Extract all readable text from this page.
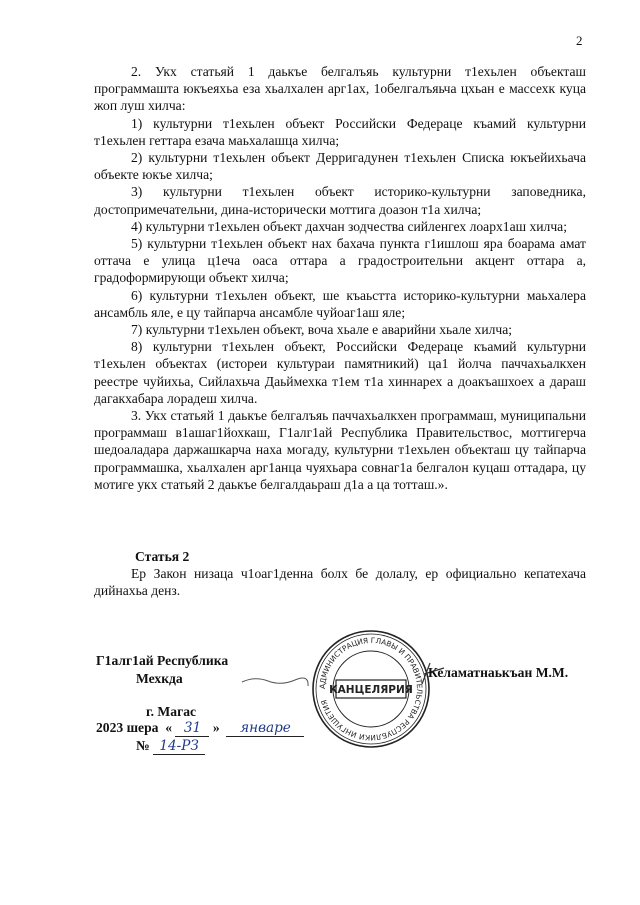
2

2. Укх статьяй 1 даькъе белгалъяь культурни т1ехьлен объекташ программашта юкъеяхьа еза хьалхален арг1ах, 1обелгалъяьча цхьан е массехк куца жоп луш хилча:

1) культурни т1ехьлен объект Российски Федераце къамий культурни т1ехьлен геттара езача маьхалашца хилча;

2) культурни т1ехьлен объект Дерригадунен т1ехьлен Списка юкъейихьача объекте юкъе хилча;

3) культурни т1ехьлен объект историко-культурни заповедника, достопримечательни, дина-исторически моттигa доазон т1а хилча;

4) культурни т1ехьлен объект дахчан зодчества сийленгех лоарх1аш хилча;

5) культурни т1ехьлен объект нах бахача пункта г1ишлош яра боарама амат оттача е улица ц1еча оаса оттара а градостроительни акцент оттара а, градоформирующи объект хилча;

6) культурни т1ехьлен объект, ше къаьстта историко-культурни маьхалера ансамбль яле, е цу тайпарча ансамбле чуйоаг1аш яле;

7) культурни т1ехьлен объект, воча хьале е аварийни хьале хилча;

8) культурни т1ехьлен объект, Российски Федераце къамий культурни т1ехьлен объектах (истореи культураи памятникий) ца1 йолча паччахьалкхен реестре чуйихьа, Сийлахьча Даьймехка т1ем т1а хиннарех а доакъашхоех а дараш дагакхабара лорадеш хилча.

3. Укх статьяй 1 даькъе белгалъяь паччахьалкхен программаш, муниципальни программаш в1ашаг1йохкаш, Г1алг1ай Республика Правительствос, моттигерча шедоаладара даржашкарча наха могаду, культурни т1ехьлен объекташ цу тайпарча программашка, хьалхален арг1анца чуяхьара совнаг1а белгалон куцаш оттадара, цу мотиге укх статьяй 2 даькъе белгалдаьраш д1а а ца тотташ.».

Статья 2

Ер Закон низаца ч1оаг1денна болх бе долалу, ер официально кепатехача дийнахьа денз.

Г1алг1ай Республика
Мехкда
г. Магас
2023 шера  « 31 »  январе
№ 14-РЗ
АДМИНИСТРАЦИЯ ГЛАВЫ И ПРАВИТЕЛЬСТВА РЕСПУБЛИКИ ИНГУШЕТИЯ
КАНЦЕЛЯРИЯ
Келаматнаькъан М.М.
